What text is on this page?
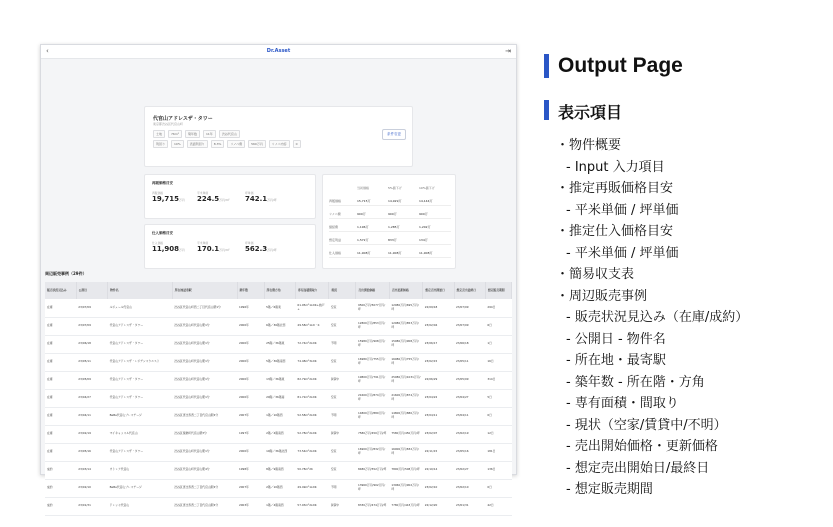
‹	Dr.Asset	⇥
代官山アドレスザ・タワー
東京都渋谷区代官山町
土地	76m²	築年数	11年	渋谷代官山
利回り	10%	表面利回り	8.3%	リノベ費	560万円	リノベ内容	0
条件変更
再販価格目安
再販価格
19,715万円
平米単価
224.5万円/m²
坪単価
742.1万円/坪
仕入価格目安
仕入価格
11,908万円
平米単価
170.1万円/m²
坪単価
562.3万円/坪
当初価格	5%値下げ	10%値下げ
再販価格	15,715万	14,929万	14,144万
リノベ費	900万	900万	900万
諸経費	1,196万	1,285万	1,202万
想定利益	1,572万	833万	134万
仕入価格	11,908万	11,908万	11,908万
周辺販売事例（29件）
販売状況見込み	公開日	物件名	所在地最寄駅	築年数	所在階方角	専有面積間取り	現況	売出開始価格	売出更新価格	想定売出開始日	想定売出最終日	想定販売期間
在庫	23/07/09	ルジュール代官山	渋谷区代官山町西二丁目代官山駅1分	1996年	5階／6階東	61.95m²1LDK+納戸+	空家	9500万円/5077万円/坪	12980万円/695万円/坪	22/09/18	23/07/09	294日
在庫	23/07/09	代官山アドレスザ・タワー	渋谷区代官山町代官山駅1分	2000年	6階／36階北西	49.58m²1LD・K	空家	12800万円/853万円/坪	12980万円/853万円/坪	23/02/04	23/07/09	6日
在庫	23/06/18	代官山アドレスザ・タワー	渋谷区代官山町代官山駅1分	2000年	25階／36階東	72.74m²2LDK	不明	15980万円/908万円/坪	15980万円/908万円/坪	23/06/17	23/06/18	1日
在庫	23/05/11	代官山アドレスザ・レジデンスウエスト	渋谷区代官山町代官山駅1分	2000年	5階／36階南西	74.48m²3LDK	空家	16980万円/755万円/坪	16980万円/755万円/坪	23/02/15	23/05/11	16日
在庫	23/05/09	代官山アドレスザ・タワー	渋谷区代官山町代官山駅1分	2000年	13階／36階東	82.79m²2LDK	賃貸中	19800万円/791万円/坪	25980万円/1031万円/坪	22/06/29	23/05/09	314日
在庫	23/04/27	代官山アドレスザ・タワー	渋谷区代官山町代官山駅1分	2000年	29階／36階南	81.72m²2LDK	空家	21600万円/874万円/坪	21600万円/874万円/坪	23/04/22	23/04/27	5日
在庫	23/04/11	BeBe代官山プレステージ	渋谷区恵比寿西二丁目代官山駅4分	2007年	1階／10階西	52.58m²2LDK	不明	14800万円/880万円/坪	14800万円/880万円/坪	23/04/11	23/04/11	0日
在庫	23/02/19	マイキャッスル代官山	渋谷区猿楽町代官山駅3分	1997年	2階／4階南西	52.78m²2LDK	賃貸中	7580万円/450万円/坪	7580万円/450万円/坪	23/02/07	23/02/19	12日
在庫	23/05/16	代官山アドレスザ・タワー	渋谷区代官山町代官山駅1分	2000年	10階／36階北西	73.54m²2LDK	空家	16900万円/832万円/坪	16900万円/832万円/坪	22/11/15	23/05/16	181日
成約	23/03/14	カトレア代官山	渋谷区代官山町代官山駅4分	1998年	8階／9階南西	50.78m²2K	空家	8480万円/552万円/坪	7800万円/508万円/坪	22/10/14	23/02/27	136日
成約	23/02/10	BeBe代官山プレステージ	渋谷区恵比寿西二丁目代官山駅4分	2007年	2階／10階西	49.49m²1LDK	不明	13960万円/902万円/坪	13960万円/902万円/坪	23/02/10	23/02/10	0日
成約	23/01/31	ドレッセ代官山	渋谷区恵比寿西二丁目代官山駅4分	2003年	1階／4階南西	57.93m²2LDK	賃貸中	8330万円/474万円/坪	7780万円/443万円/坪	22/12/20	23/01/31	42日
Output Page
表示項目
・物件概要
- Input 入力項目
・推定再販価格目安
- 平米単価 / 坪単価
・推定仕入価格目安
- 平米単価 / 坪単価
・簡易収支表
・周辺販売事例
- 販売状況見込み（在庫/成約）
- 公開日 - 物件名
- 所在地・最寄駅
- 築年数 - 所在階・方角
- 専有面積・間取り
- 現状（空家/賃貸中/不明）
- 売出開始価格・更新価格
- 想定売出開始日/最終日
- 想定販売期間
